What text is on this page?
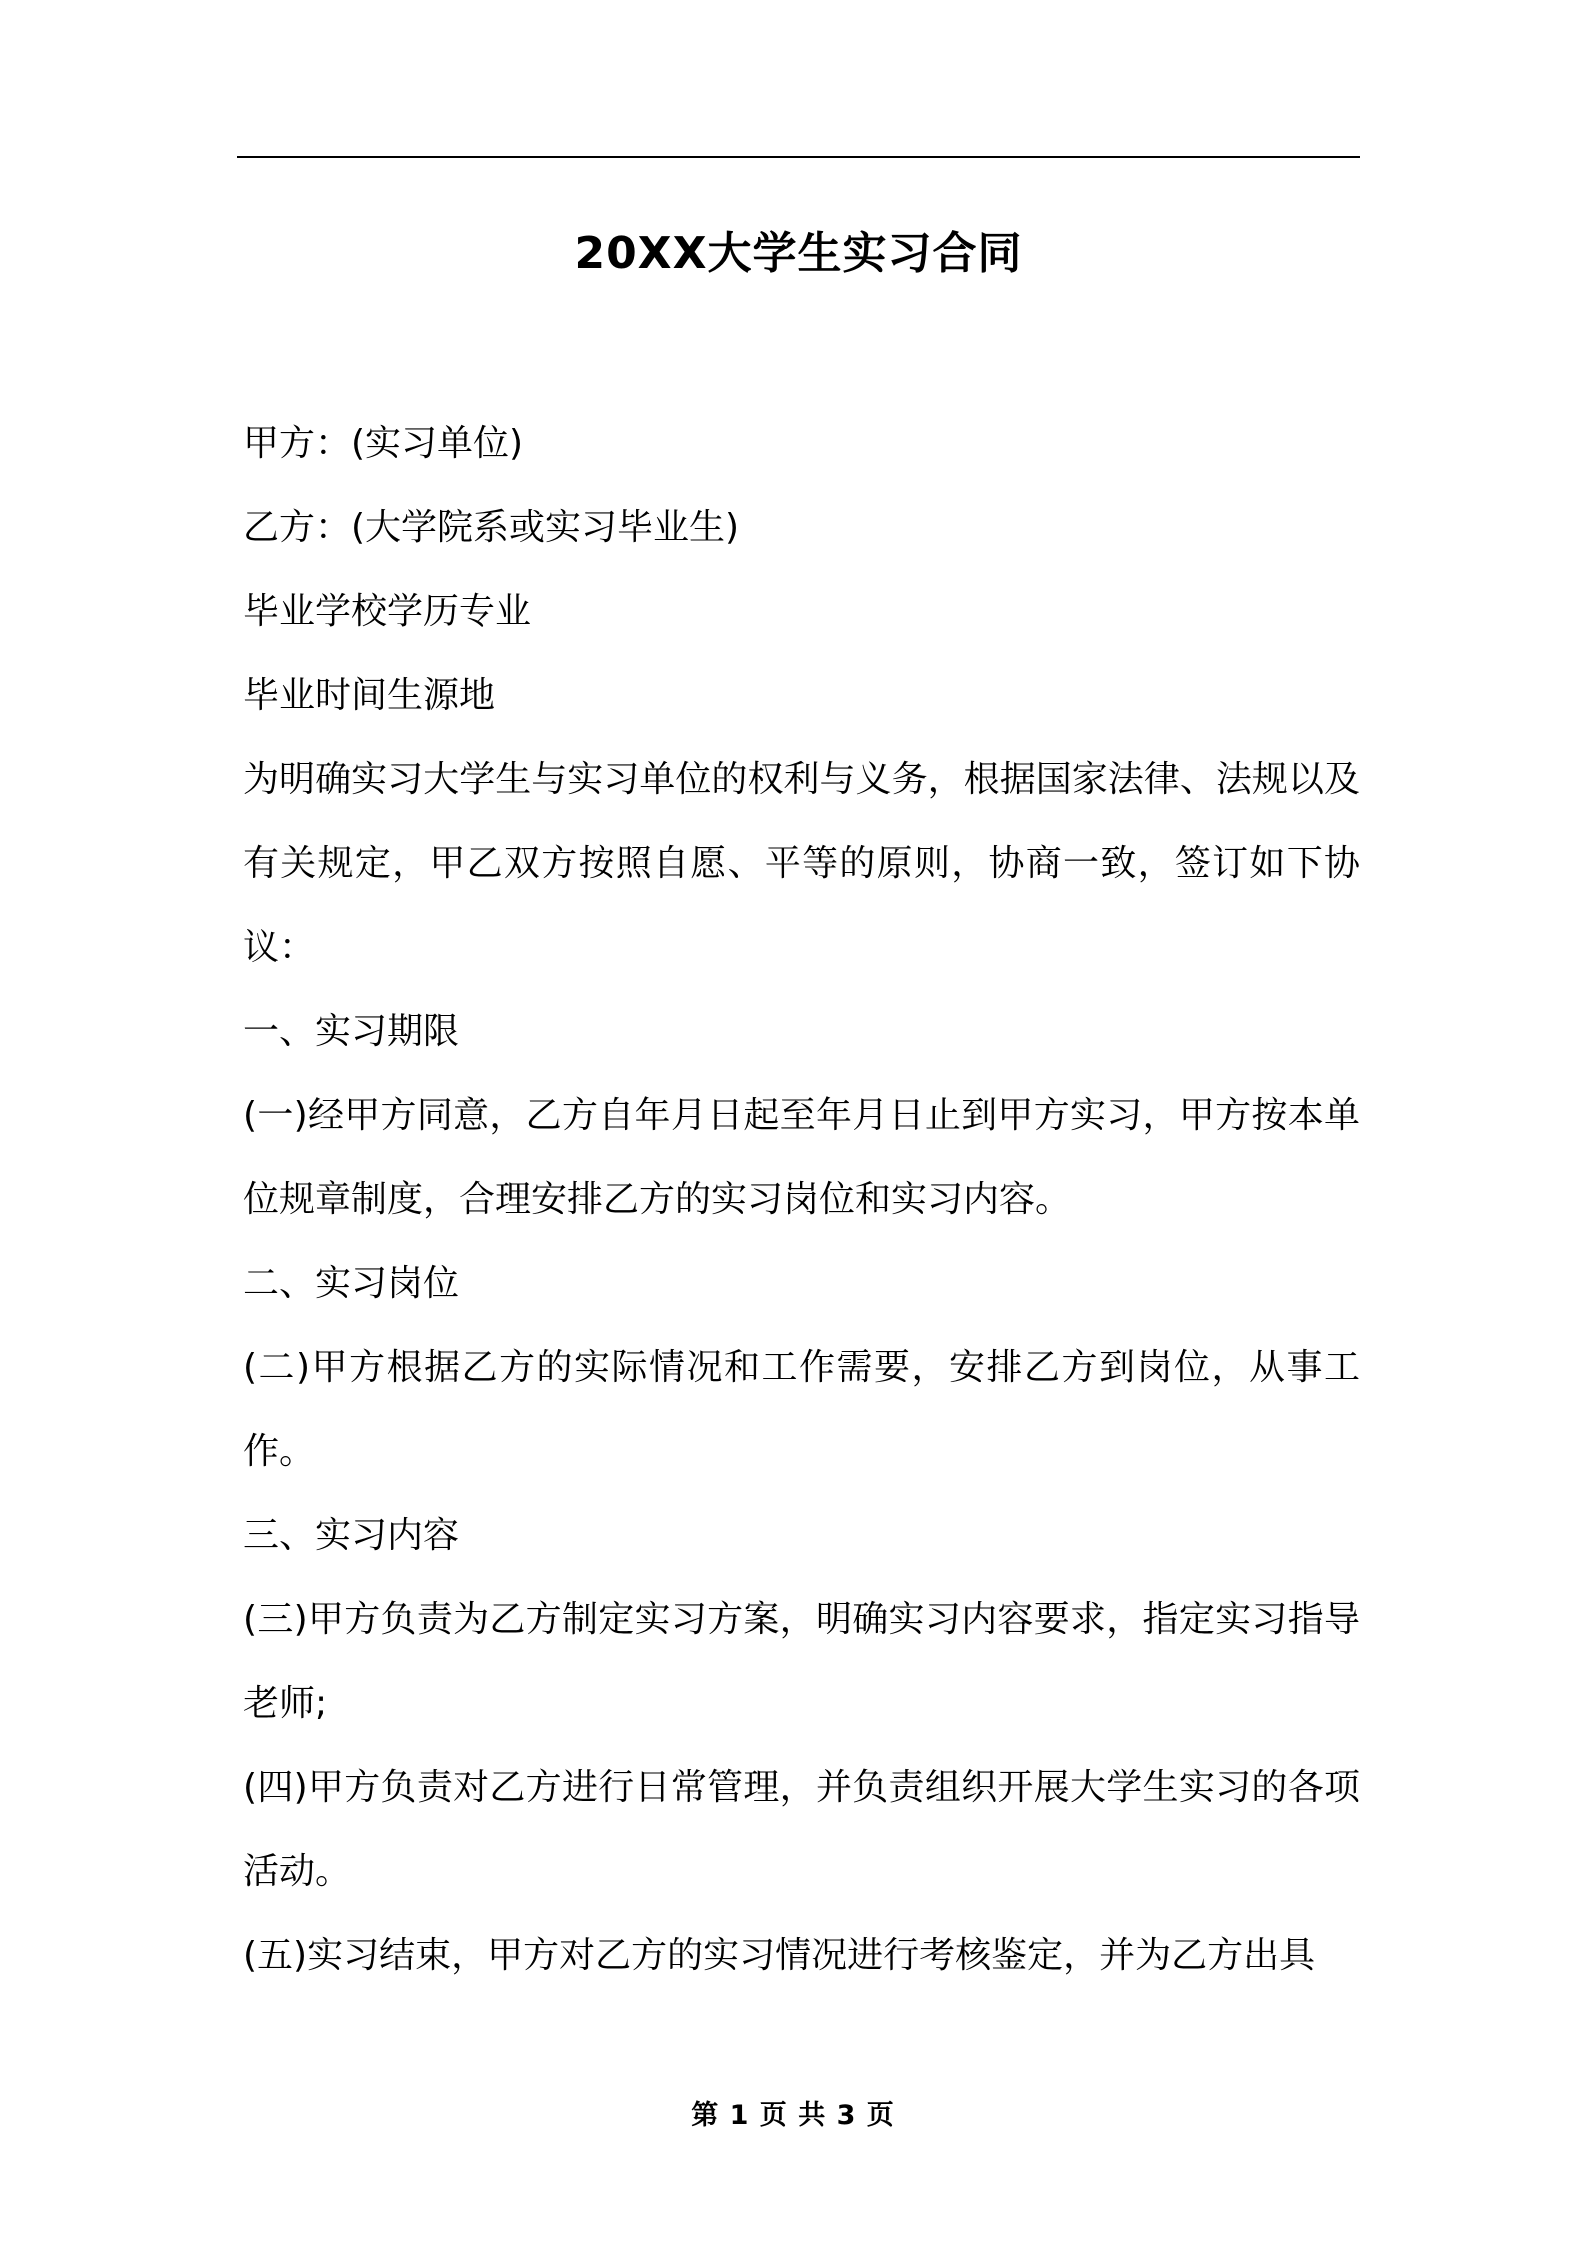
20XX大学生实习合同

甲方：(实习单位)

乙方：(大学院系或实习毕业生)

毕业学校学历专业

毕业时间生源地

为明确实习大学生与实习单位的权利与义务，根据国家法律、法规以及有关规定，甲乙双方按照自愿、平等的原则，协商一致，签订如下协议：

一、实习期限

(一)经甲方同意，乙方自年月日起至年月日止到甲方实习，甲方按本单位规章制度，合理安排乙方的实习岗位和实习内容。

二、实习岗位

(二)甲方根据乙方的实际情况和工作需要，安排乙方到岗位，从事工作。

三、实习内容

(三)甲方负责为乙方制定实习方案，明确实习内容要求，指定实习指导老师;

(四)甲方负责对乙方进行日常管理，并负责组织开展大学生实习的各项活动。

(五)实习结束，甲方对乙方的实习情况进行考核鉴定，并为乙方出具

第 1 页 共 3 页
